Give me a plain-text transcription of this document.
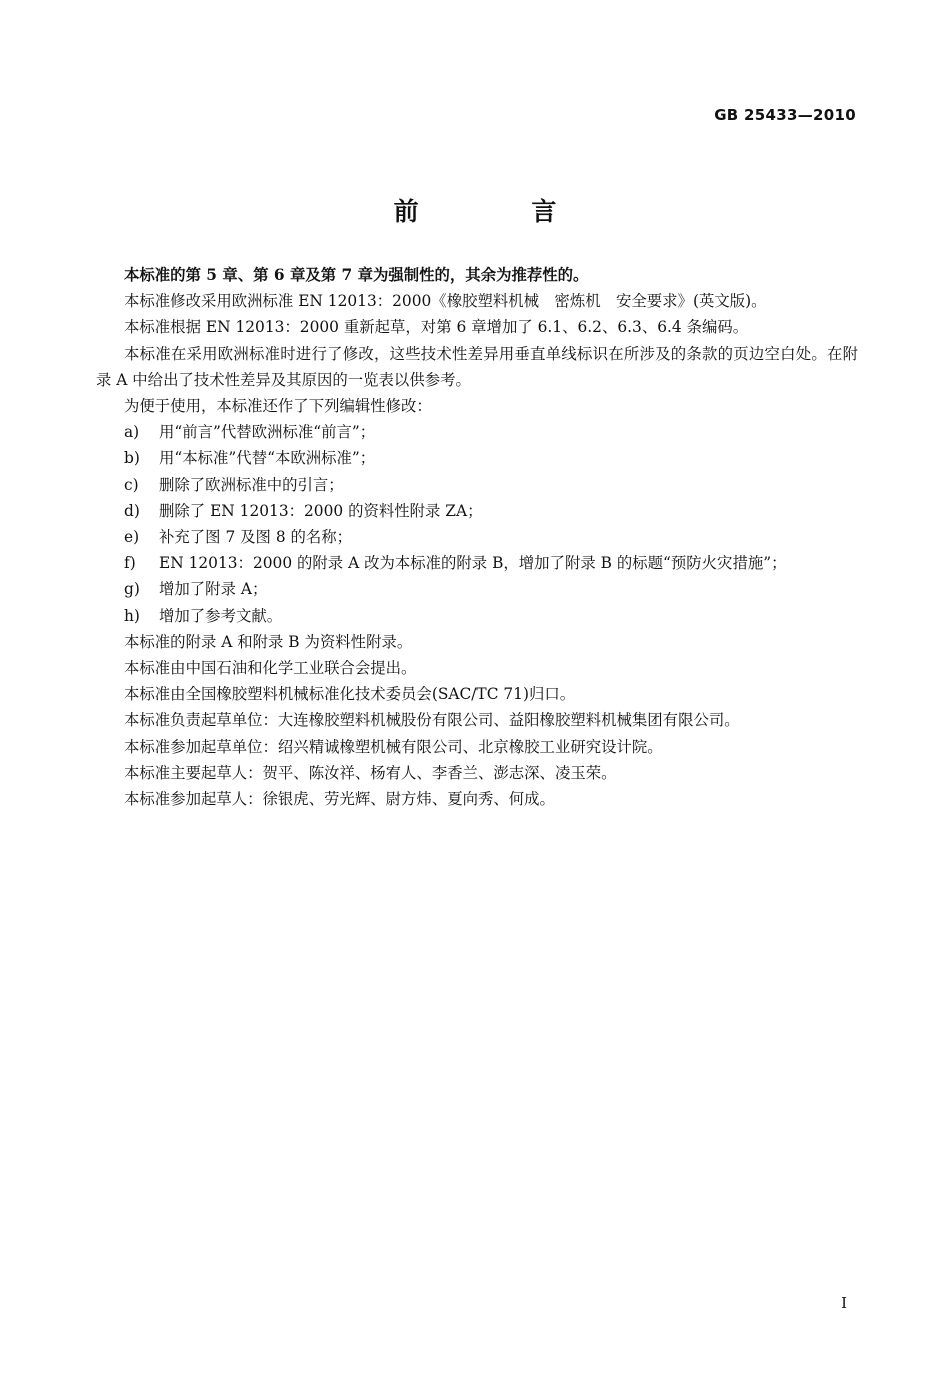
GB 25433—2010
前 言

本标准的第 5 章、第 6 章及第 7 章为强制性的，其余为推荐性的。

本标准修改采用欧洲标准 EN 12013：2000《橡胶塑料机械　密炼机　安全要求》(英文版)。

本标准根据 EN 12013：2000 重新起草，对第 6 章增加了 6.1、6.2、6.3、6.4 条编码。

本标准在采用欧洲标准时进行了修改，这些技术性差异用垂直单线标识在所涉及的条款的页边空白处。在附录 A 中给出了技术性差异及其原因的一览表以供参考。

为便于使用，本标准还作了下列编辑性修改：

a) 用“前言”代替欧洲标准“前言”；
b) 用“本标准”代替“本欧洲标准”；
c) 删除了欧洲标准中的引言；
d) 删除了 EN 12013：2000 的资料性附录 ZA；
e) 补充了图 7 及图 8 的名称；
f) EN 12013：2000 的附录 A 改为本标准的附录 B，增加了附录 B 的标题“预防火灾措施”；
g) 增加了附录 A；
h) 增加了参考文献。

本标准的附录 A 和附录 B 为资料性附录。

本标准由中国石油和化学工业联合会提出。

本标准由全国橡胶塑料机械标准化技术委员会(SAC/TC 71)归口。

本标准负责起草单位：大连橡胶塑料机械股份有限公司、益阳橡胶塑料机械集团有限公司。

本标准参加起草单位：绍兴精诚橡塑机械有限公司、北京橡胶工业研究设计院。

本标准主要起草人：贺平、陈汝祥、杨宥人、李香兰、澎志深、凌玉荣。

本标准参加起草人：徐银虎、劳光辉、尉方炜、夏向秀、何成。

I
